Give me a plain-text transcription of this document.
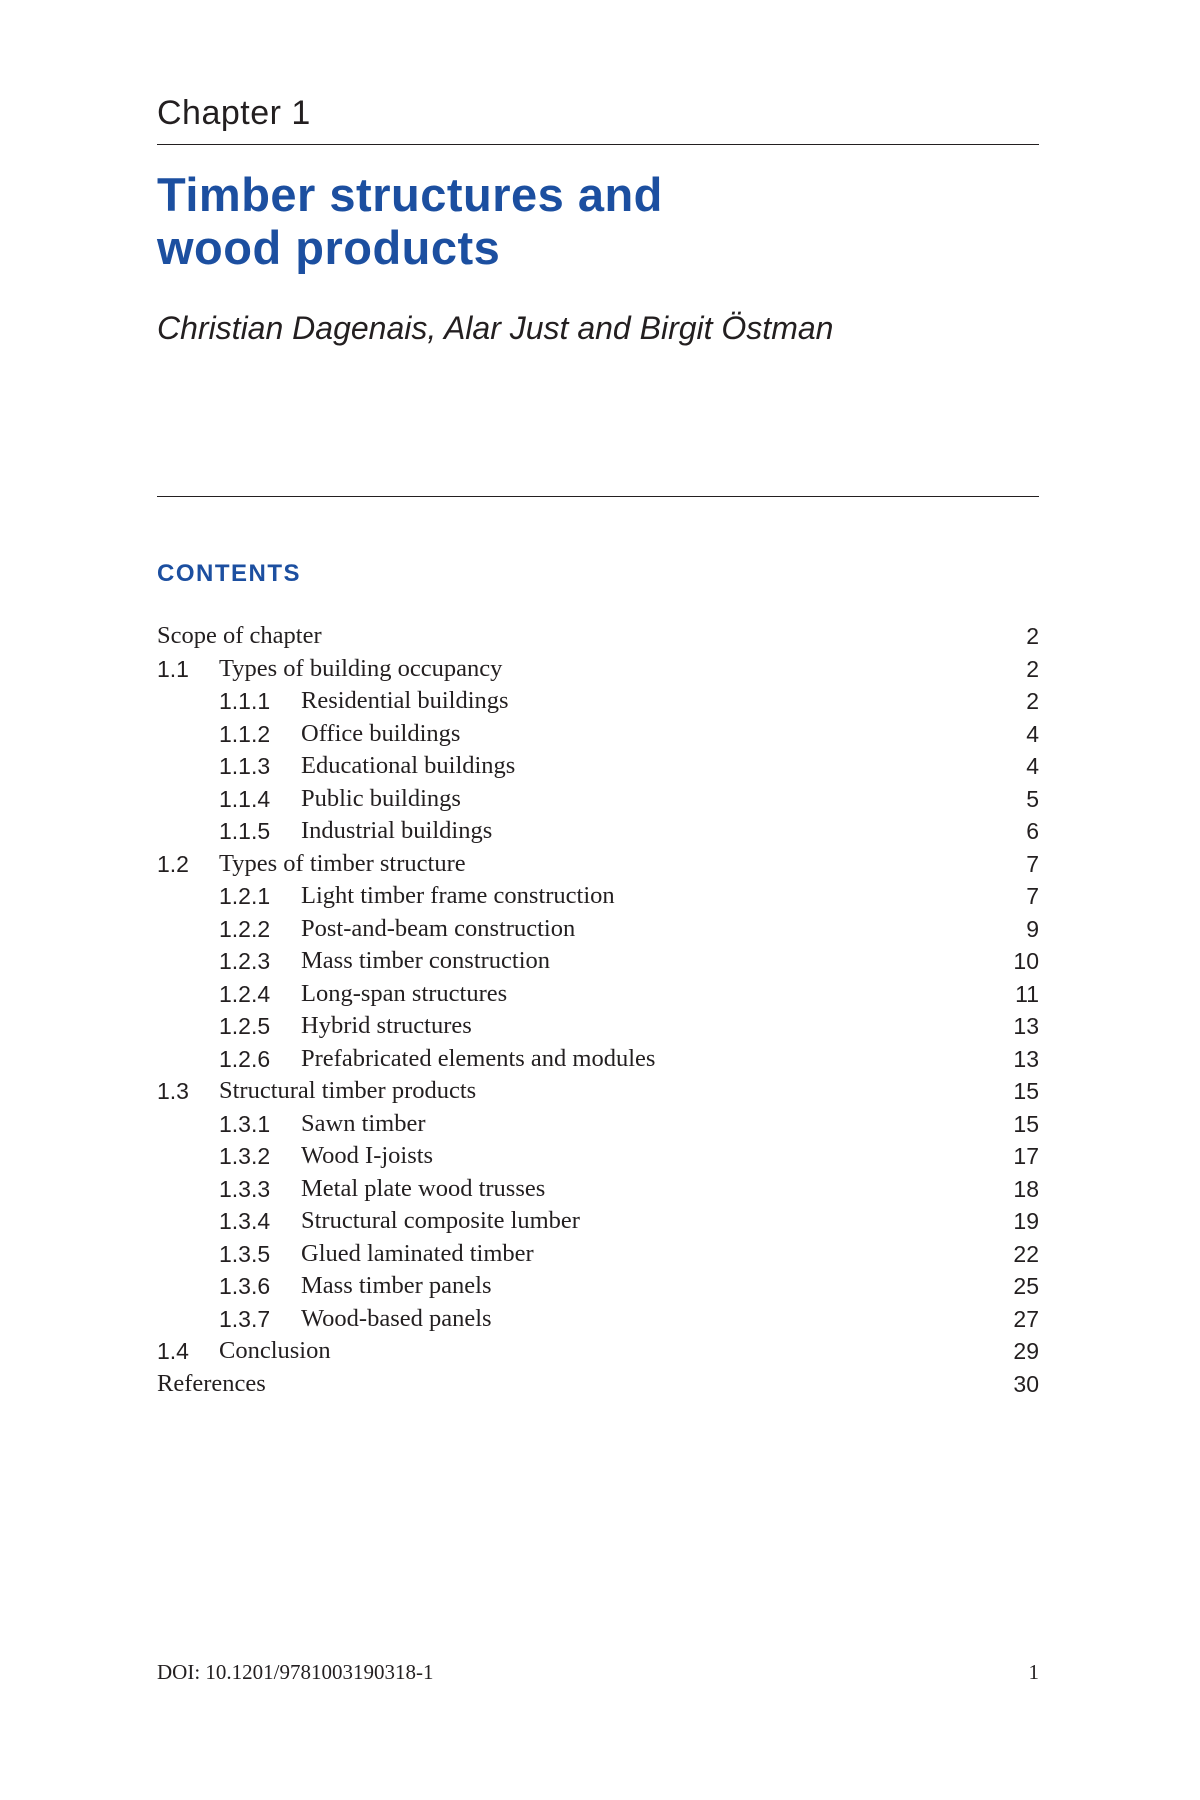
Chapter 1
Timber structures and
wood products
Christian Dagenais, Alar Just and Birgit Östman
CONTENTS
Scope of chapter	2
1.1 Types of building occupancy	2
1.1.1 Residential buildings	2
1.1.2 Office buildings	4
1.1.3 Educational buildings	4
1.1.4 Public buildings	5
1.1.5 Industrial buildings	6
1.2 Types of timber structure	7
1.2.1 Light timber frame construction	7
1.2.2 Post-and-beam construction	9
1.2.3 Mass timber construction	10
1.2.4 Long-span structures	11
1.2.5 Hybrid structures	13
1.2.6 Prefabricated elements and modules	13
1.3 Structural timber products	15
1.3.1 Sawn timber	15
1.3.2 Wood I-joists	17
1.3.3 Metal plate wood trusses	18
1.3.4 Structural composite lumber	19
1.3.5 Glued laminated timber	22
1.3.6 Mass timber panels	25
1.3.7 Wood-based panels	27
1.4 Conclusion	29
References	30
DOI: 10.1201/9781003190318-1	1
